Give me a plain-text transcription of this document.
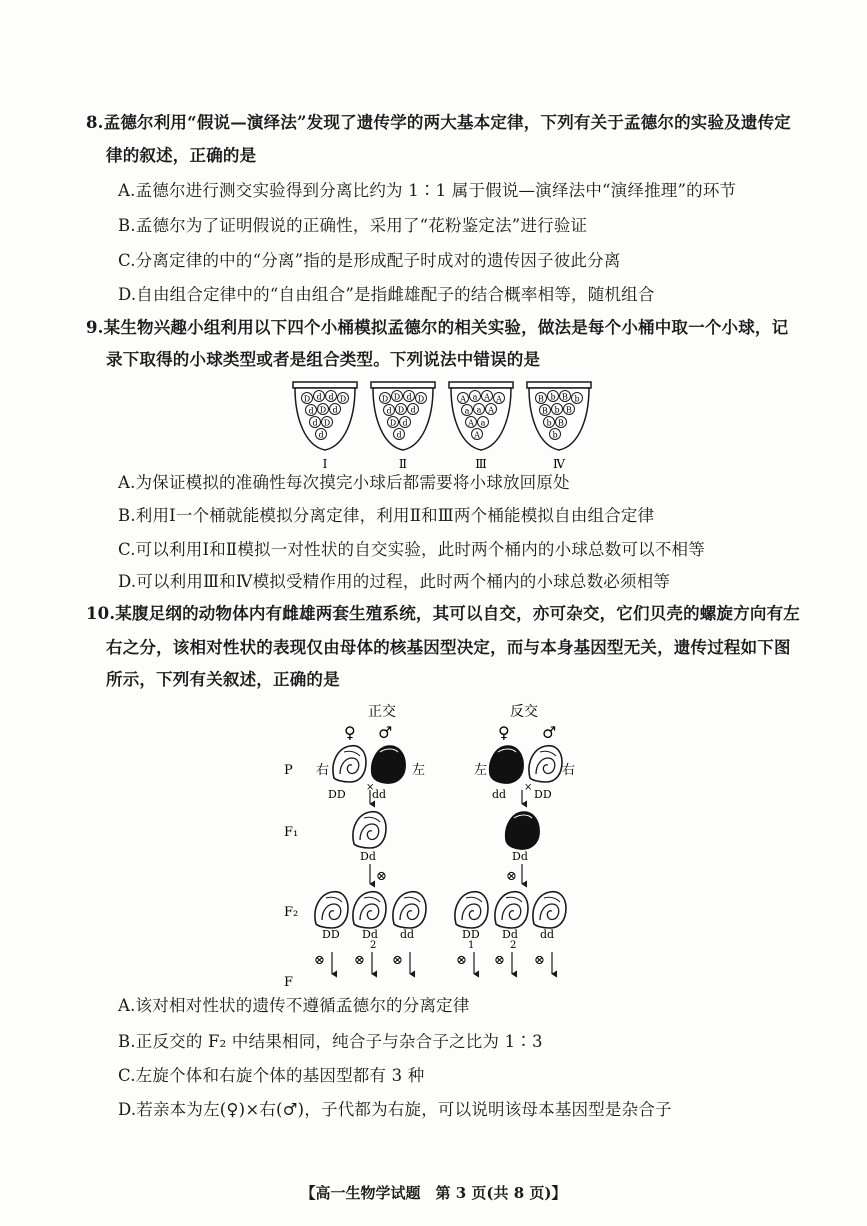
8.孟德尔利用“假说—演绎法”发现了遗传学的两大基本定律，下列有关于孟德尔的实验及遗传定
律的叙述，正确的是
A.孟德尔进行测交实验得到分离比约为 1∶1 属于假说—演绎法中“演绎推理”的环节
B.孟德尔为了证明假说的正确性，采用了“花粉鉴定法”进行验证
C.分离定律的中的“分离”指的是形成配子时成对的遗传因子彼此分离
D.自由组合定律中的“自由组合”是指雌雄配子的结合概率相等，随机组合
9.某生物兴趣小组利用以下四个小桶模拟孟德尔的相关实验，做法是每个小桶中取一个小球，记
录下取得的小球类型或者是组合类型。下列说法中错误的是
D d d D
d D d
d D
d
Ⅰ
D D d D
d D d
D d
d
Ⅱ
A a A A
a a A
A a
A
Ⅲ
B b B b
B b B
b B
b
Ⅳ
A.为保证模拟的准确性每次摸完小球后都需要将小球放回原处
B.利用Ⅰ一个桶就能模拟分离定律，利用Ⅱ和Ⅲ两个桶能模拟自由组合定律
C.可以利用Ⅰ和Ⅱ模拟一对性状的自交实验，此时两个桶内的小球总数可以不相等
D.可以利用Ⅲ和Ⅳ模拟受精作用的过程，此时两个桶内的小球总数必须相等
10.某腹足纲的动物体内有雌雄两套生殖系统，其可以自交，亦可杂交，它们贝壳的螺旋方向有左
右之分，该相对性状的表现仅由母体的核基因型决定，而与本身基因型无关，遗传过程如下图
所示，下列有关叙述，正确的是
正交	反交
♀ ♂	♀ ♂
P
F₁
F₂
F
右
×
左
DD dd
左
×
右
dd	DD
Dd	Dd
⊗	⊗
DD Dd
2
dd	DD
1
Dd
2
dd
⊗ ⊗ ⊗	⊗ ⊗ ⊗
A.该对相对性状的遗传不遵循孟德尔的分离定律
B.正反交的 F₂ 中结果相同，纯合子与杂合子之比为 1∶3
C.左旋个体和右旋个体的基因型都有 3 种
D.若亲本为左(♀)×右(♂)，子代都为右旋，可以说明该母本基因型是杂合子
【高一生物学试题　第 3 页(共 8 页)】
